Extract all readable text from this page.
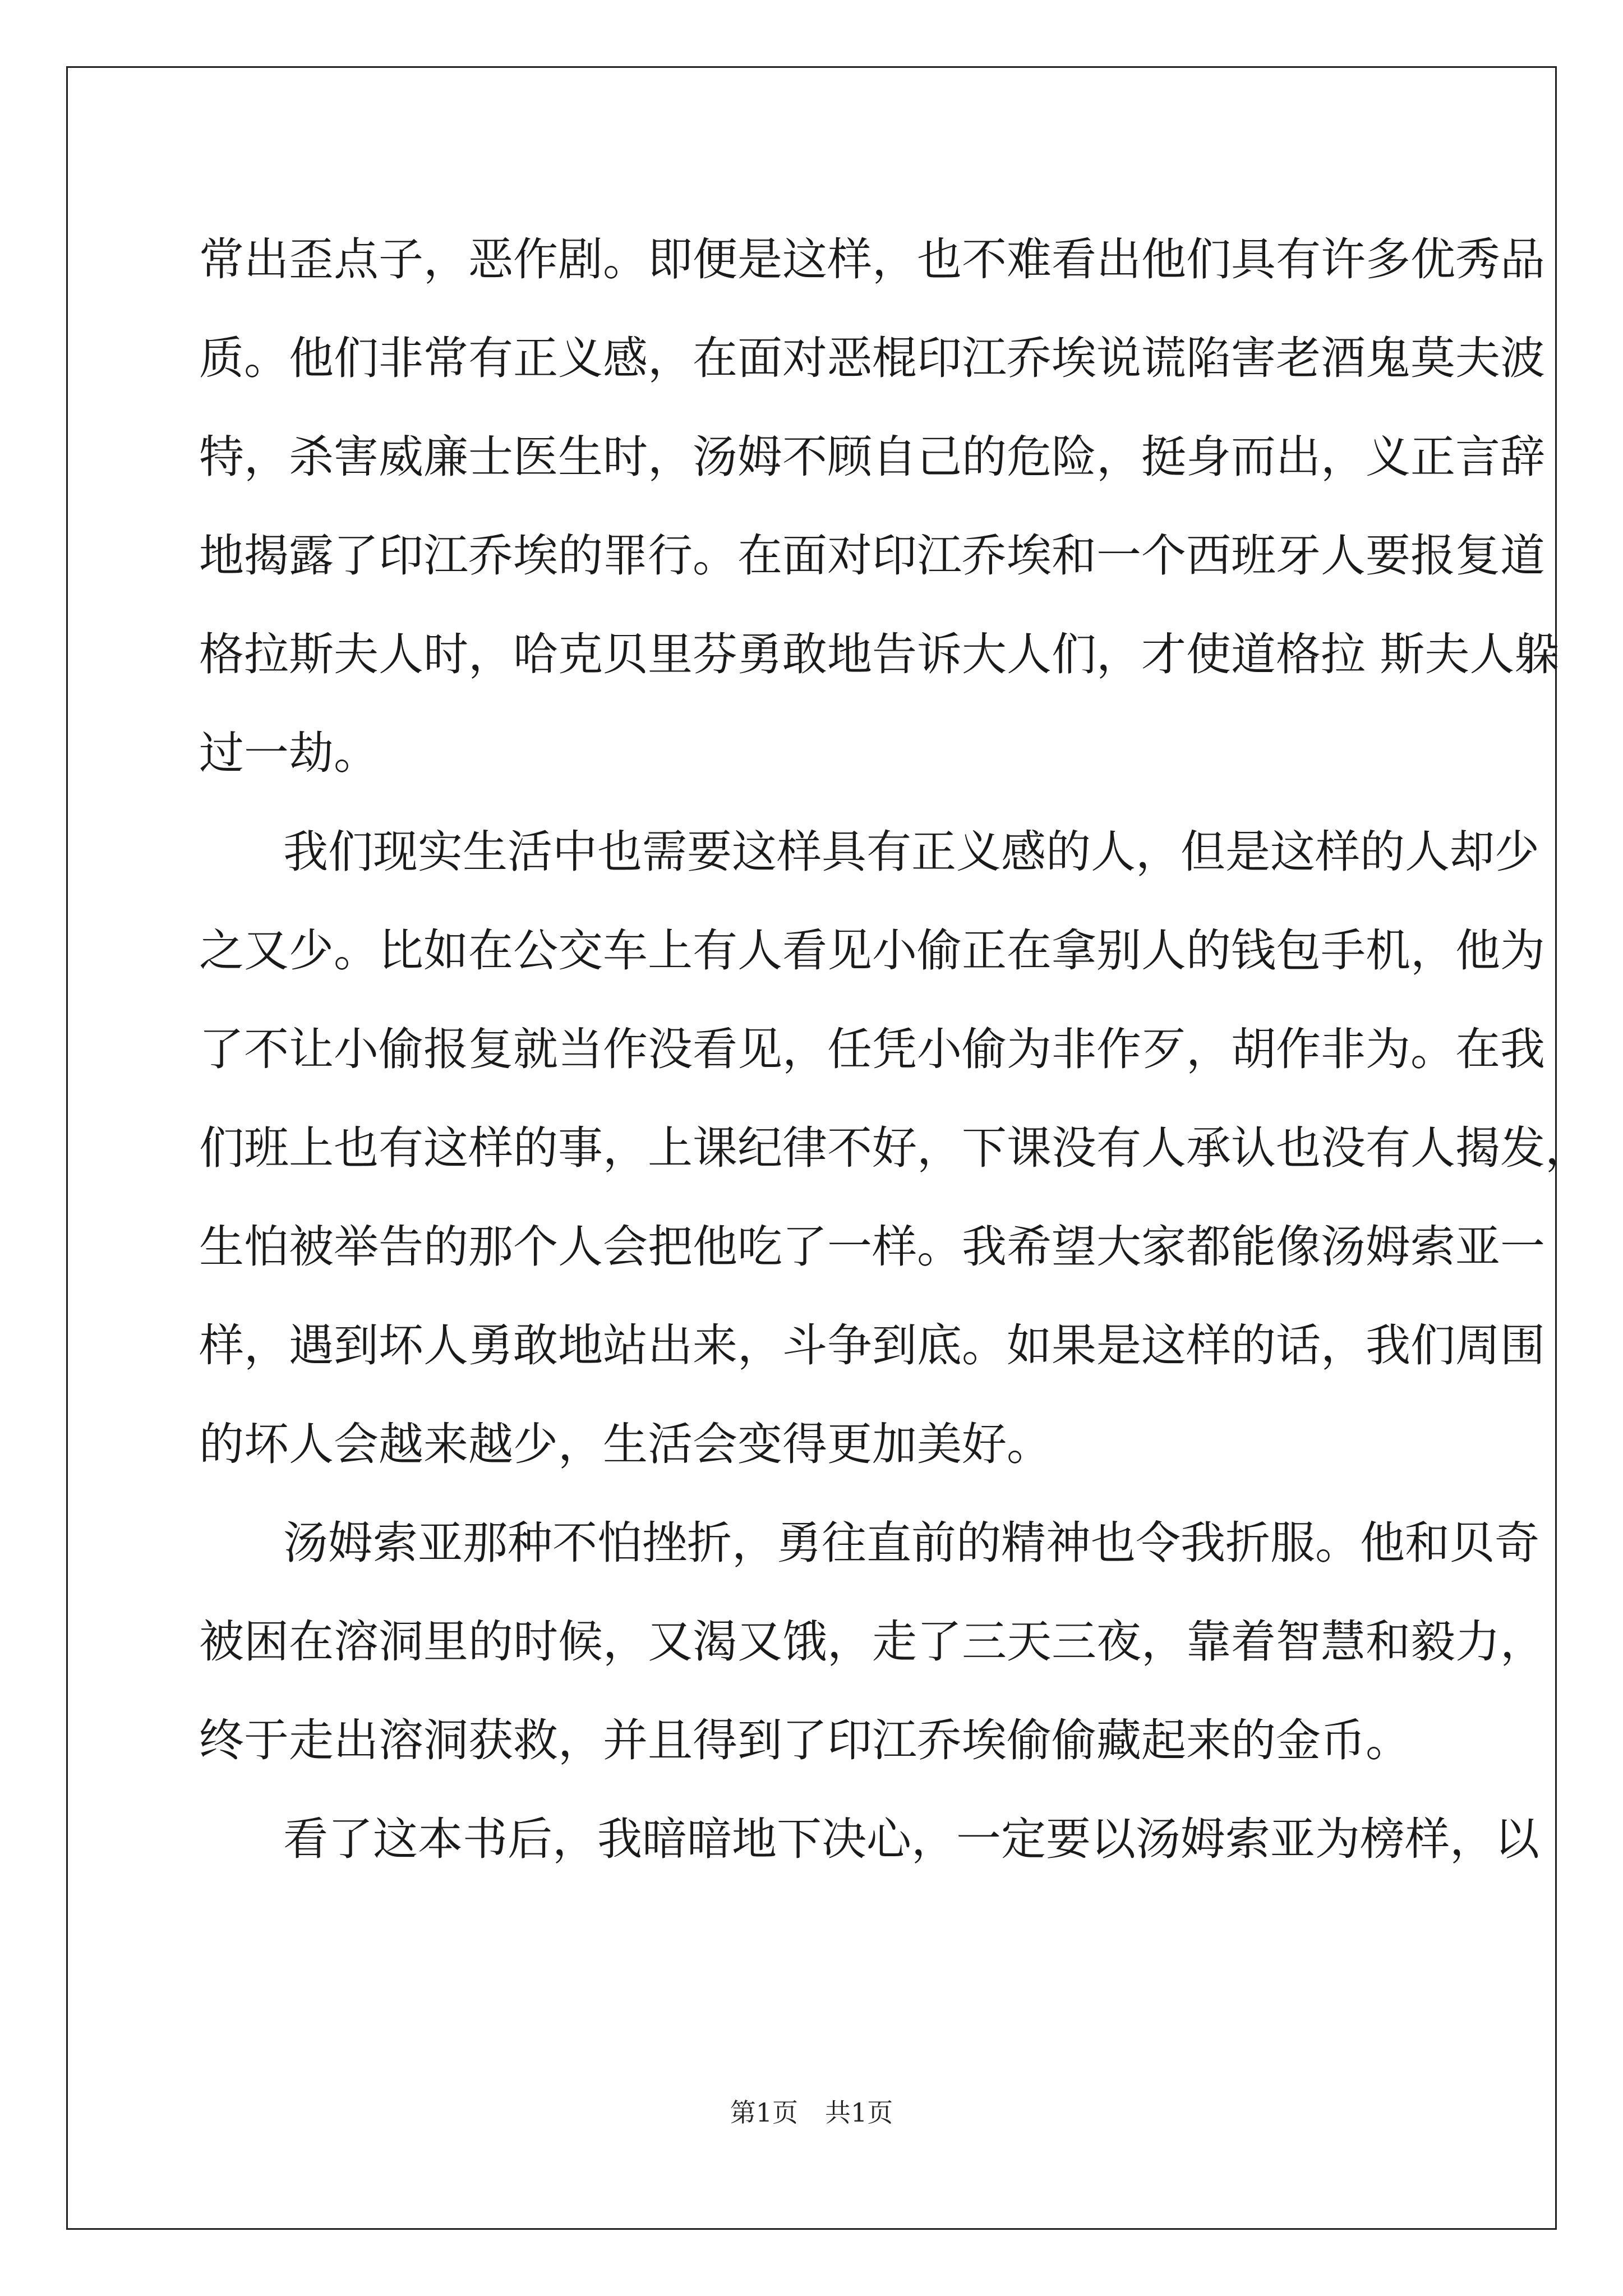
常出歪点子，恶作剧。即便是这样，也不难看出他们具有许多优秀品
质。他们非常有正义感，在面对恶棍印江乔埃说谎陷害老酒鬼莫夫波
特，杀害威廉士医生时，汤姆不顾自己的危险，挺身而出，义正言辞
地揭露了印江乔埃的罪行。在面对印江乔埃和一个西班牙人要报复道
格拉斯夫人时，哈克贝里芬勇敢地告诉大人们，才使道格拉 斯夫人躲
过一劫。
我们现实生活中也需要这样具有正义感的人，但是这样的人却少
之又少。比如在公交车上有人看见小偷正在拿别人的钱包手机，他为
了不让小偷报复就当作没看见，任凭小偷为非作歹，胡作非为。在我
们班上也有这样的事，上课纪律不好，下课没有人承认也没有人揭发，
生怕被举告的那个人会把他吃了一样。我希望大家都能像汤姆索亚一
样，遇到坏人勇敢地站出来，斗争到底。如果是这样的话，我们周围
的坏人会越来越少，生活会变得更加美好。
汤姆索亚那种不怕挫折，勇往直前的精神也令我折服。他和贝奇
被困在溶洞里的时候，又渴又饿，走了三天三夜，靠着智慧和毅力，
终于走出溶洞获救，并且得到了印江乔埃偷偷藏起来的金币。
看了这本书后，我暗暗地下决心，一定要以汤姆索亚为榜样，以
第1页 共1页
